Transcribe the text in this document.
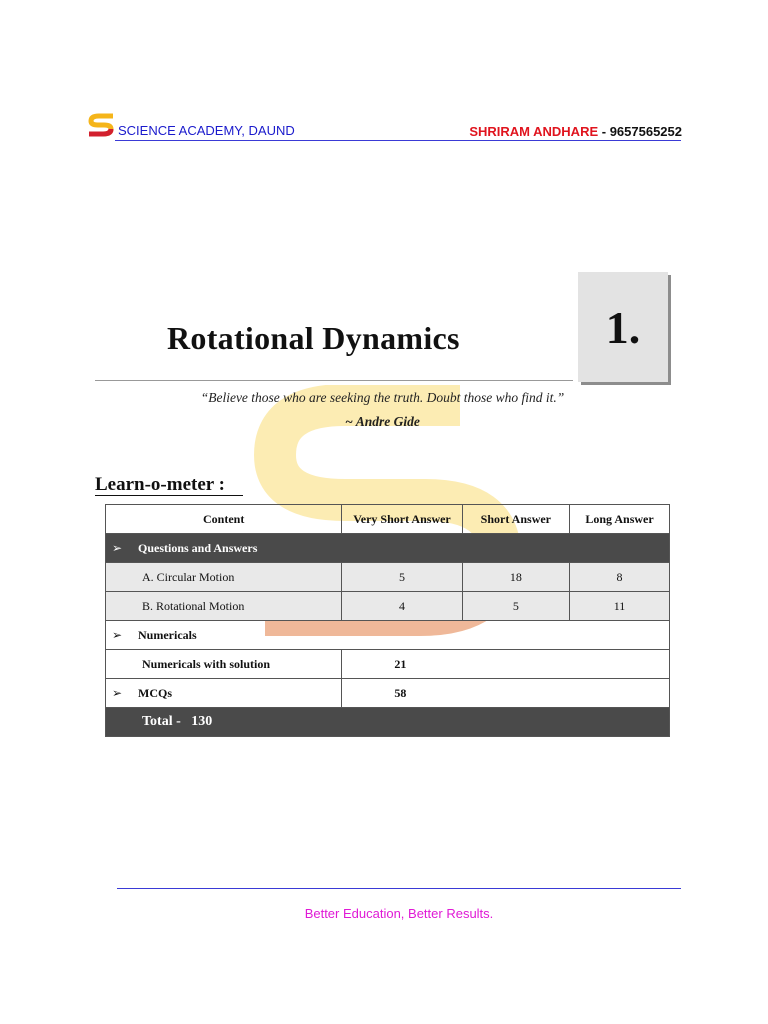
SCIENCE ACADEMY, DAUND	SHRIRAM ANDHARE - 9657565252
Rotational Dynamics	1.
“Believe those who are seeking the truth. Doubt those who find it.”
~ Andre Gide
Learn-o-meter :
Content	Very Short Answer	Short Answer	Long Answer
➢ Questions and Answers			
A. Circular Motion	5	18	8
B. Rotational Motion	4	5	11
➢ Numericals			
Numericals with solution	21		
➢ MCQs	58		
Total -   130			
Better Education, Better Results.
